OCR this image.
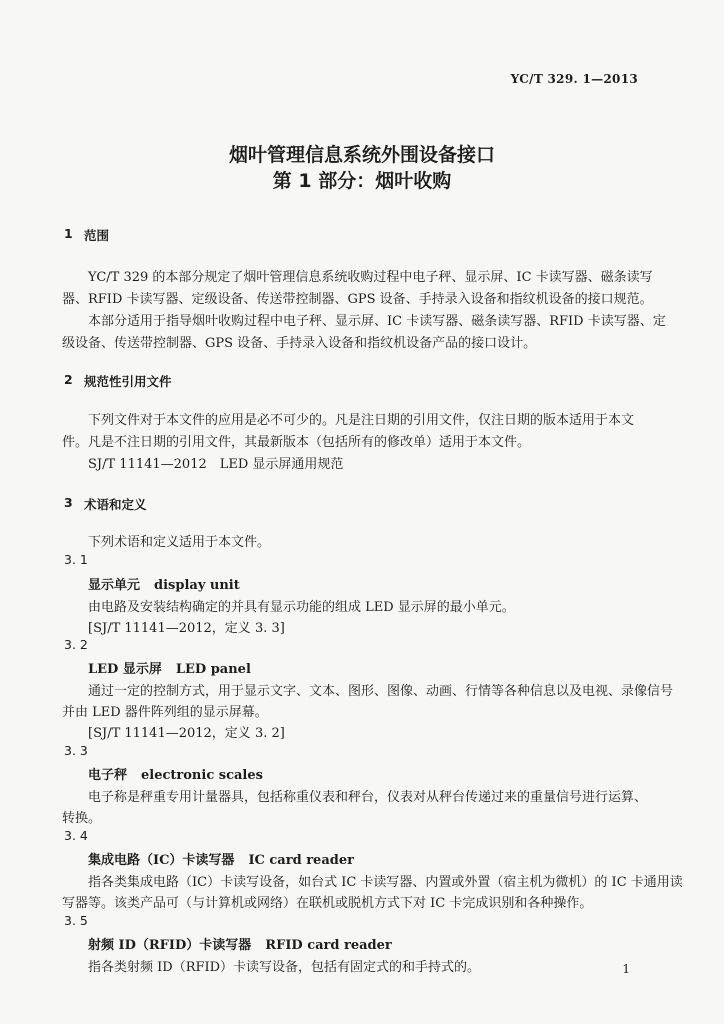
YC/T 329. 1—2013
烟叶管理信息系统外围设备接口
第 1 部分：烟叶收购
1 范围
YC/T 329 的本部分规定了烟叶管理信息系统收购过程中电子秤、显示屏、IC 卡读写器、磁条读写
器、RFID 卡读写器、定级设备、传送带控制器、GPS 设备、手持录入设备和指纹机设备的接口规范。
本部分适用于指导烟叶收购过程中电子秤、显示屏、IC 卡读写器、磁条读写器、RFID 卡读写器、定
级设备、传送带控制器、GPS 设备、手持录入设备和指纹机设备产品的接口设计。
2 规范性引用文件
下列文件对于本文件的应用是必不可少的。凡是注日期的引用文件，仅注日期的版本适用于本文
件。凡是不注日期的引用文件，其最新版本（包括所有的修改单）适用于本文件。
SJ/T 11141—2012　LED 显示屏通用规范
3 术语和定义
下列术语和定义适用于本文件。
3. 1
显示单元 display unit
由电路及安装结构确定的并具有显示功能的组成 LED 显示屏的最小单元。
[SJ/T 11141—2012，定义 3. 3]
3. 2
LED 显示屏 LED panel
通过一定的控制方式，用于显示文字、文本、图形、图像、动画、行情等各种信息以及电视、录像信号
并由 LED 器件阵列组的显示屏幕。
[SJ/T 11141—2012，定义 3. 2]
3. 3
电子秤 electronic scales
电子称是秤重专用计量器具，包括称重仪表和秤台，仪表对从秤台传递过来的重量信号进行运算、
转换。
3. 4
集成电路（IC）卡读写器 IC card reader
指各类集成电路（IC）卡读写设备，如台式 IC 卡读写器、内置或外置（宿主机为微机）的 IC 卡通用读
写器等。该类产品可（与计算机或网络）在联机或脱机方式下对 IC 卡完成识别和各种操作。
3. 5
射频 ID（RFID）卡读写器 RFID card reader
指各类射频 ID（RFID）卡读写设备，包括有固定式的和手持式的。	1
